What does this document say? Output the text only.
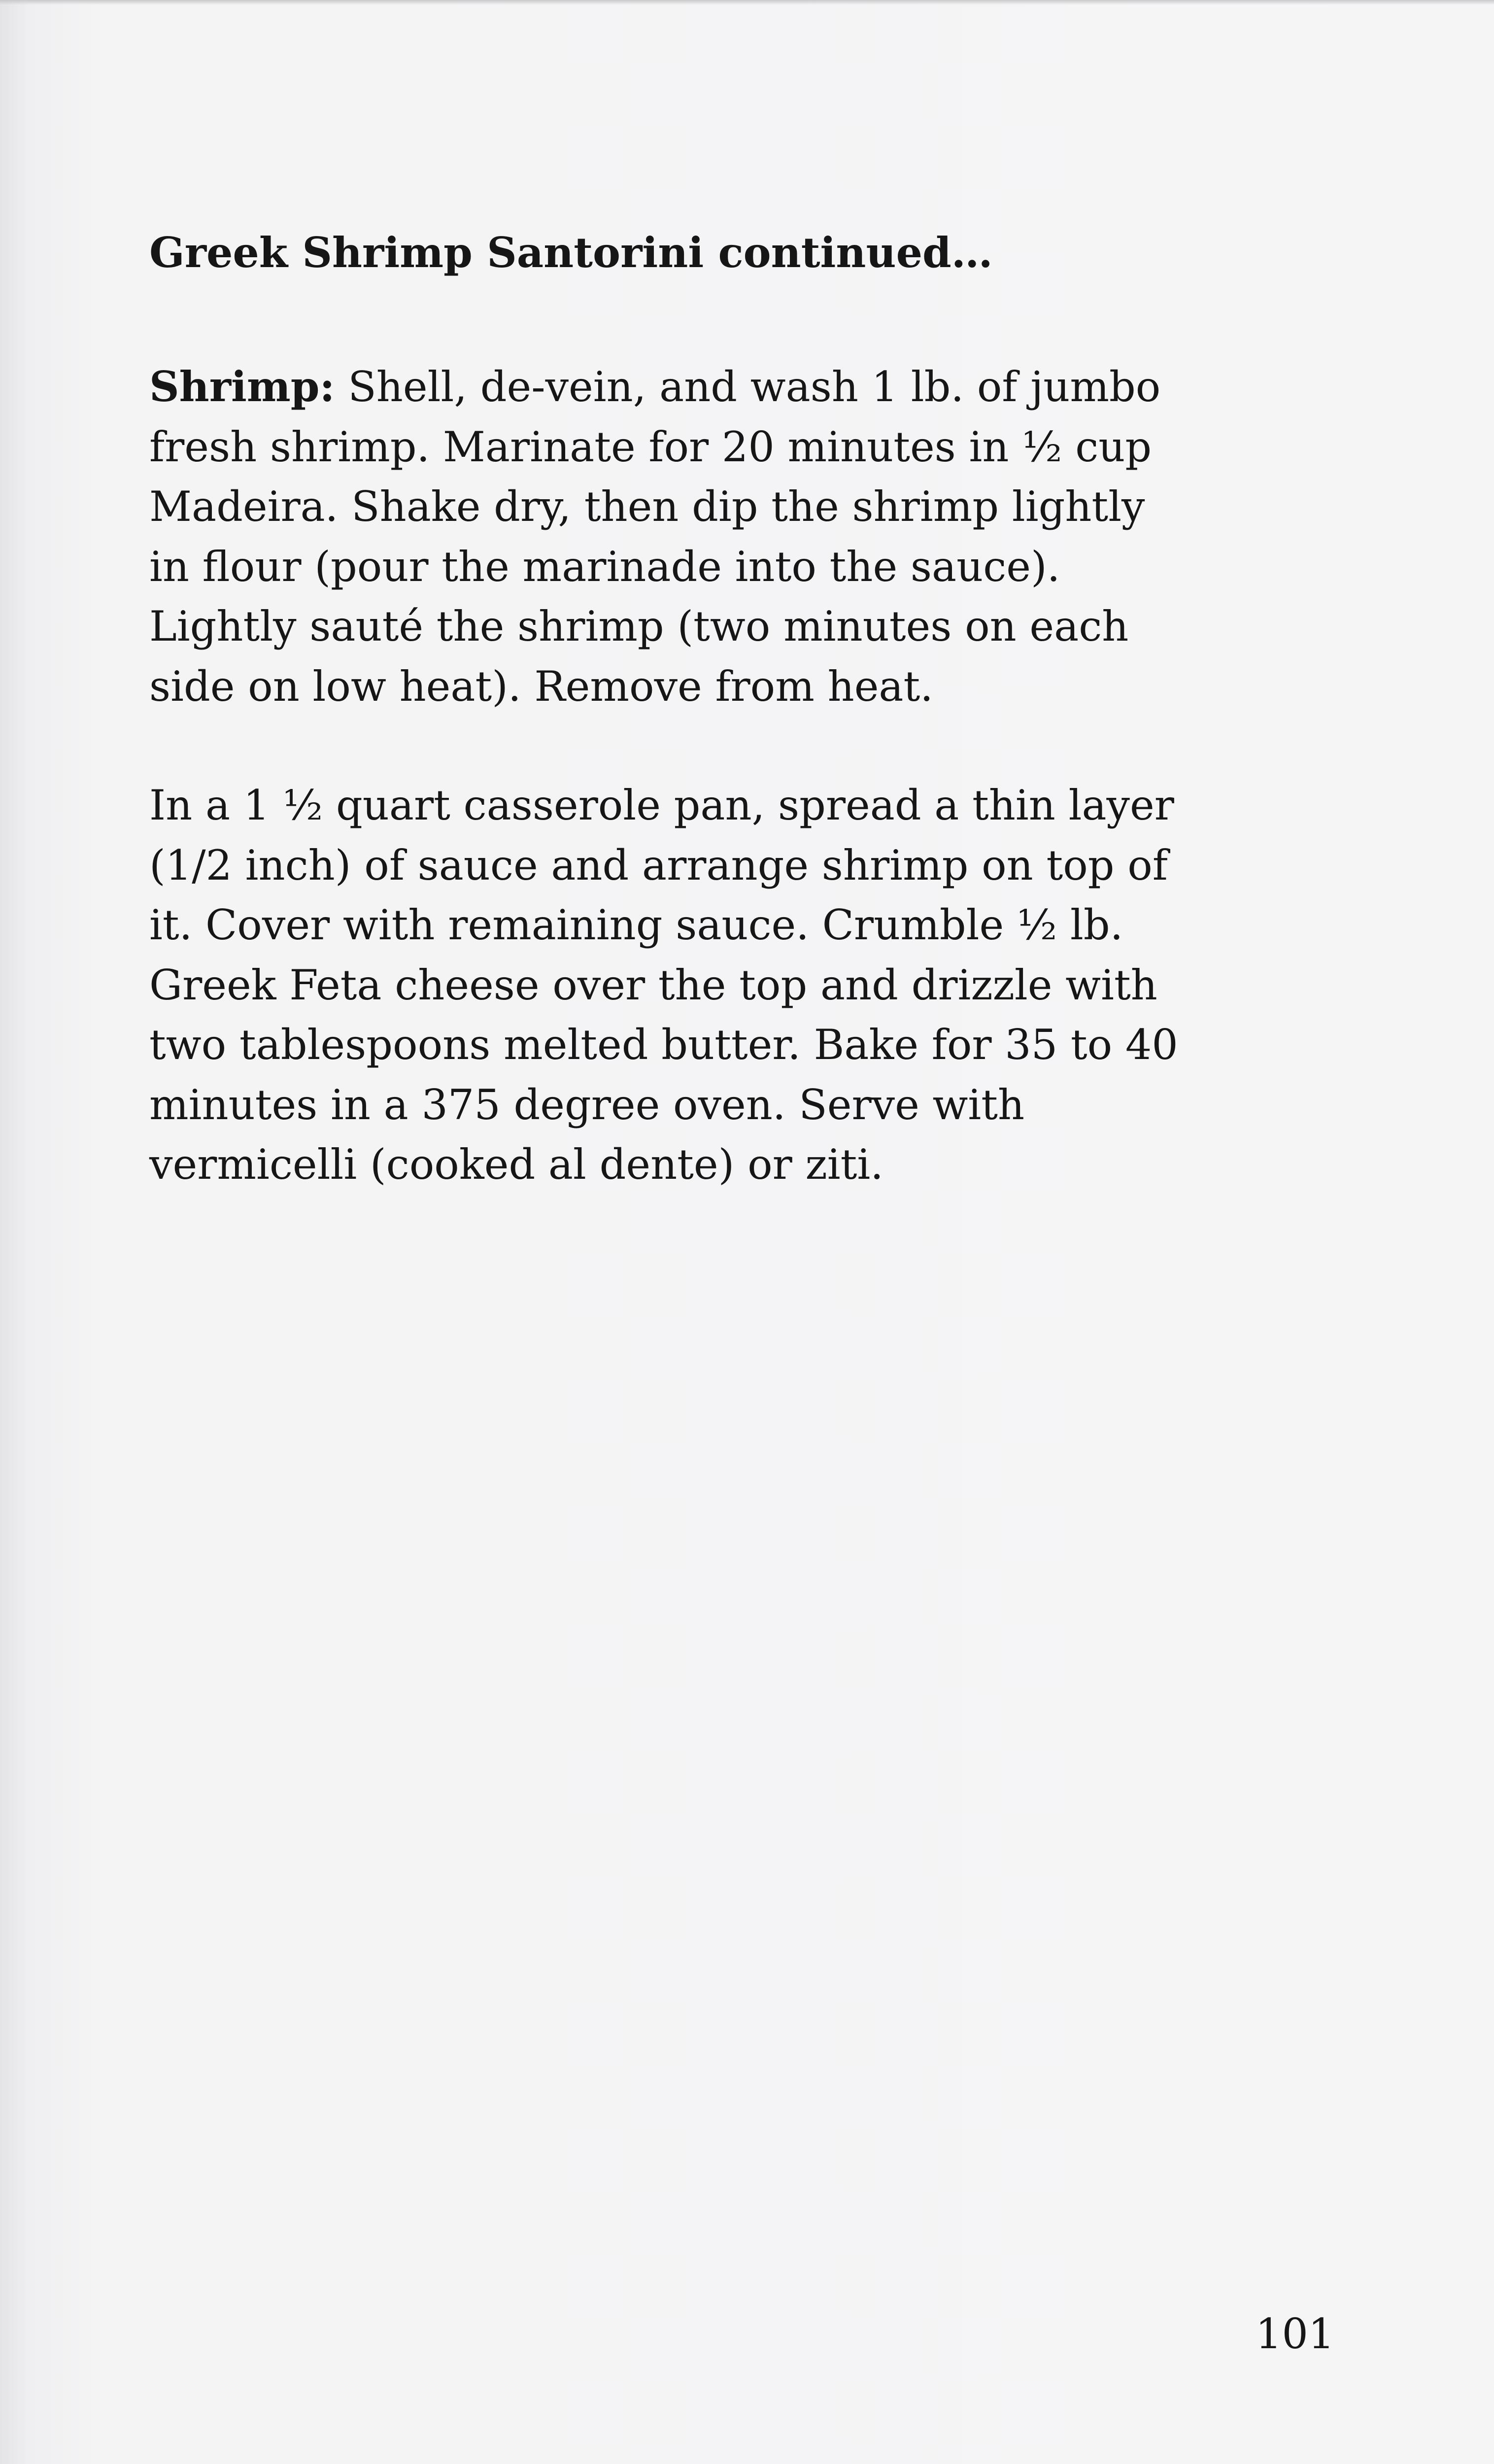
Greek Shrimp Santorini continued…
Shrimp: Shell, de-vein, and wash 1 lb. of jumbo
fresh shrimp. Marinate for 20 minutes in ½ cup
Madeira. Shake dry, then dip the shrimp lightly
in flour (pour the marinade into the sauce).
Lightly sauté the shrimp (two minutes on each
side on low heat). Remove from heat.
In a 1 ½ quart casserole pan, spread a thin layer
(1/2 inch) of sauce and arrange shrimp on top of
it. Cover with remaining sauce. Crumble ½ lb.
Greek Feta cheese over the top and drizzle with
two tablespoons melted butter. Bake for 35 to 40
minutes in a 375 degree oven. Serve with
vermicelli (cooked al dente) or ziti.
101
